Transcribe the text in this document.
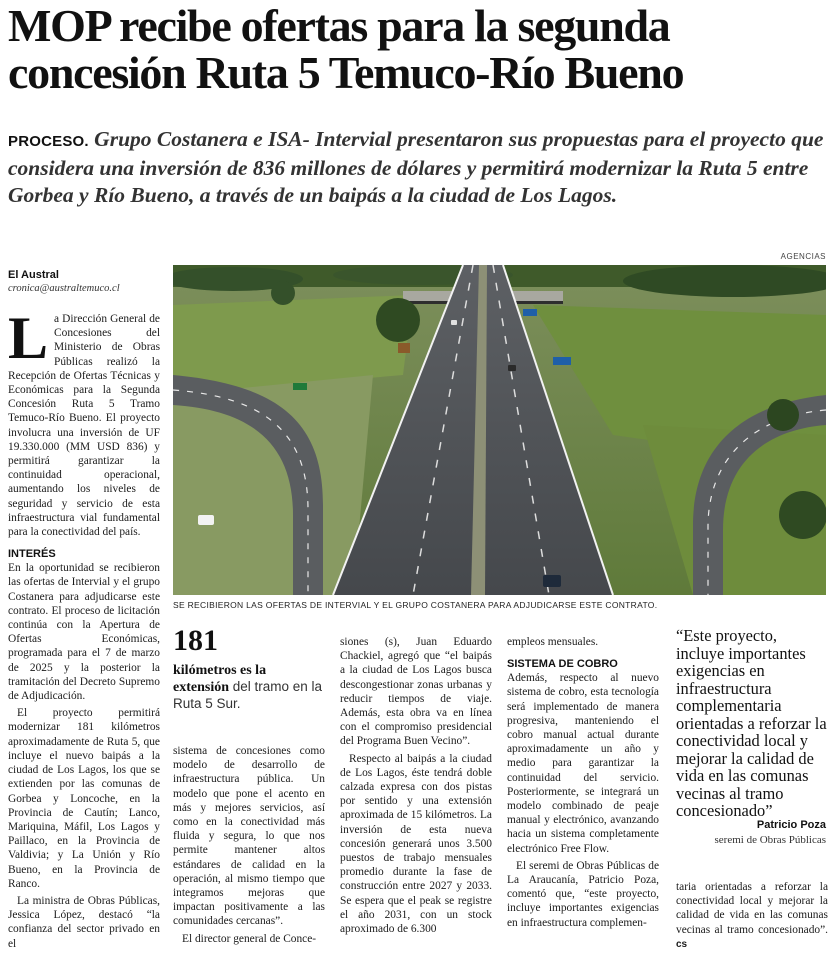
MOP recibe ofertas para la segunda
concesión Ruta 5 Temuco-Río Bueno
PROCESO. Grupo Costanera e ISA- Intervial presentaron sus propuestas para el proyecto que considera una inversión de 836 millones de dólares y permitirá modernizar la Ruta 5 entre Gorbea y Río Bueno, a través de un baipás a la ciudad de Los Lagos.
AGENCIAS
El Austral
cronica@australtemuco.cl

L a Dirección General de Concesiones del Ministerio de Obras Públicas realizó la Recepción de Ofertas Técnicas y Económicas para la Segunda Concesión Ruta 5 Tramo Temuco-Río Bueno. El proyecto involucra una inversión de UF 19.330.000 (MM USD 836) y permitirá garantizar la continuidad operacional, aumentando los niveles de seguridad y servicio de esta infraestructura vial fundamental para la conectividad del país.

INTERÉS

En la oportunidad se recibieron las ofertas de Intervial y el grupo Costanera para adjudicarse este contrato. El proceso de licitación continúa con la Apertura de Ofertas Económicas, programada para el 7 de marzo de 2025 y la posterior la tramitación del Decreto Supremo de Adjudicación.

El proyecto permitirá modernizar 181 kilómetros aproximadamente de Ruta 5, que incluye el nuevo baipás a la ciudad de Los Lagos, los que se extienden por las comunas de Gorbea y Loncoche, en la Provincia de Cautín; Lanco, Mariquina, Máfil, Los Lagos y Paillaco, en la Provincia de Valdivia; y La Unión y Río Bueno, en la Provincia de Ranco.

La ministra de Obras Públicas, Jessica López, destacó “la confianza del sector privado en el

SE RECIBIERON LAS OFERTAS DE INTERVIAL Y EL GRUPO COSTANERA PARA ADJUDICARSE ESTE CONTRATO.
181
kilómetros es la extensión del tramo en la Ruta 5 Sur.

sistema de concesiones como modelo de desarrollo de infraestructura pública. Un modelo que pone el acento en más y mejores servicios, así como en la conectividad más fluida y segura, lo que nos permite mantener altos estándares de calidad en la operación, al mismo tiempo que integramos mejoras que impactan positivamente a las comunidades cercanas”.

El director general de Conce-

siones (s), Juan Eduardo Chackiel, agregó que “el baipás a la ciudad de Los Lagos busca descongestionar zonas urbanas y reducir tiempos de viaje. Además, esta obra va en línea con el compromiso presidencial del Programa Buen Vecino”.

Respecto al baipás a la ciudad de Los Lagos, éste tendrá doble calzada expresa con dos pistas por sentido y una extensión aproximada de 15 kilómetros. La inversión de esta nueva concesión generará unos 3.500 puestos de trabajo mensuales promedio durante la fase de construcción entre 2027 y 2033. Se espera que el peak se registre el año 2031, con un stock aproximado de 6.300

empleos mensuales.

SISTEMA DE COBRO

Además, respecto al nuevo sistema de cobro, esta tecnología será implementado de manera progresiva, manteniendo el cobro manual actual durante aproximadamente un año y medio para garantizar la continuidad del servicio. Posteriormente, se integrará un modelo combinado de peaje manual y electrónico, avanzando hacia un sistema completamente electrónico Free Flow.

El seremi de Obras Públicas de La Araucanía, Patricio Poza, comentó que, “este proyecto, incluye importantes exigencias en infraestructura complemen-

“Este proyecto, incluye importantes exigencias en infraestructura complementaria orientadas a reforzar la conectividad local y mejorar la calidad de vida en las comunas vecinas al tramo concesionado”
Patricio Poza
seremi de Obras Públicas

taria orientadas a reforzar la conectividad local y mejorar la calidad de vida en las comunas vecinas al tramo concesionado”. cs
